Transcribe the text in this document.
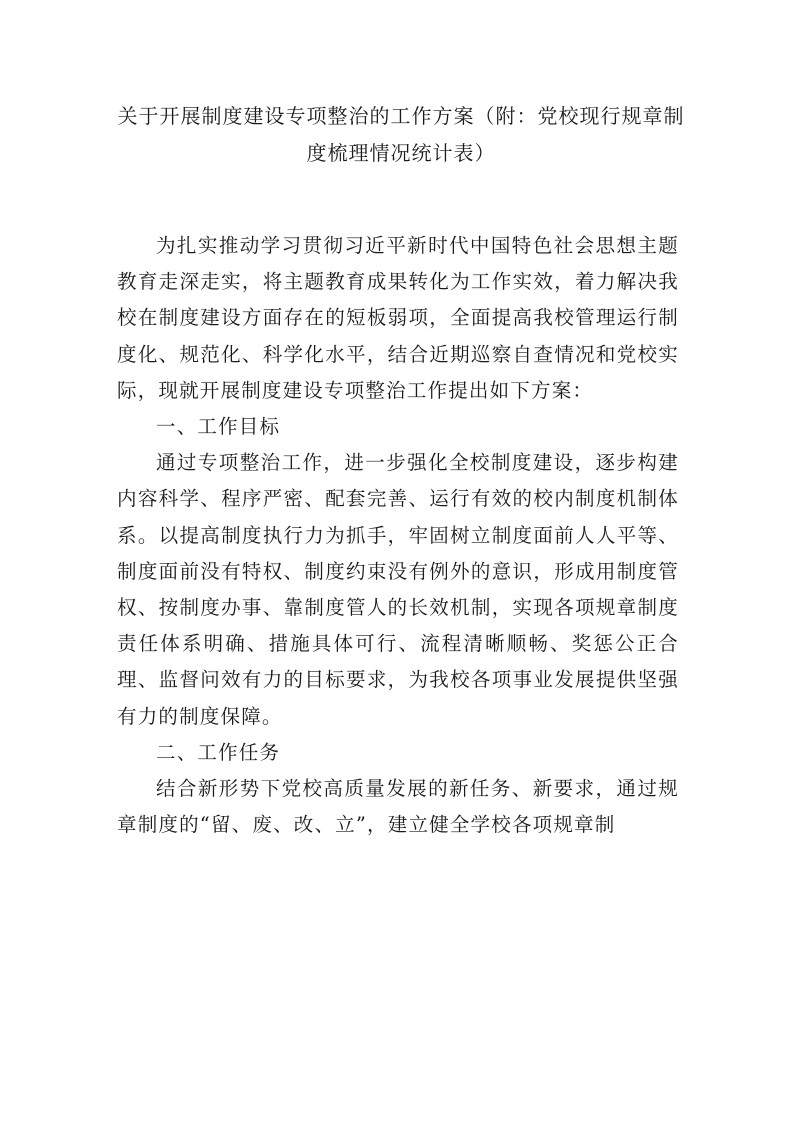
关于开展制度建设专项整治的工作方案（附：党校现行规章制度梳理情况统计表）

为扎实推动学习贯彻习近平新时代中国特色社会思想主题教育走深走实，将主题教育成果转化为工作实效，着力解决我校在制度建设方面存在的短板弱项，全面提高我校管理运行制度化、规范化、科学化水平，结合近期巡察自查情况和党校实际，现就开展制度建设专项整治工作提出如下方案：

一、工作目标

通过专项整治工作，进一步强化全校制度建设，逐步构建内容科学、程序严密、配套完善、运行有效的校内制度机制体系。以提高制度执行力为抓手，牢固树立制度面前人人平等、制度面前没有特权、制度约束没有例外的意识，形成用制度管权、按制度办事、靠制度管人的长效机制，实现各项规章制度责任体系明确、措施具体可行、流程清晰顺畅、奖惩公正合理、监督问效有力的目标要求，为我校各项事业发展提供坚强有力的制度保障。

二、工作任务

结合新形势下党校高质量发展的新任务、新要求，通过规章制度的“留、废、改、立”，建立健全学校各项规章制
